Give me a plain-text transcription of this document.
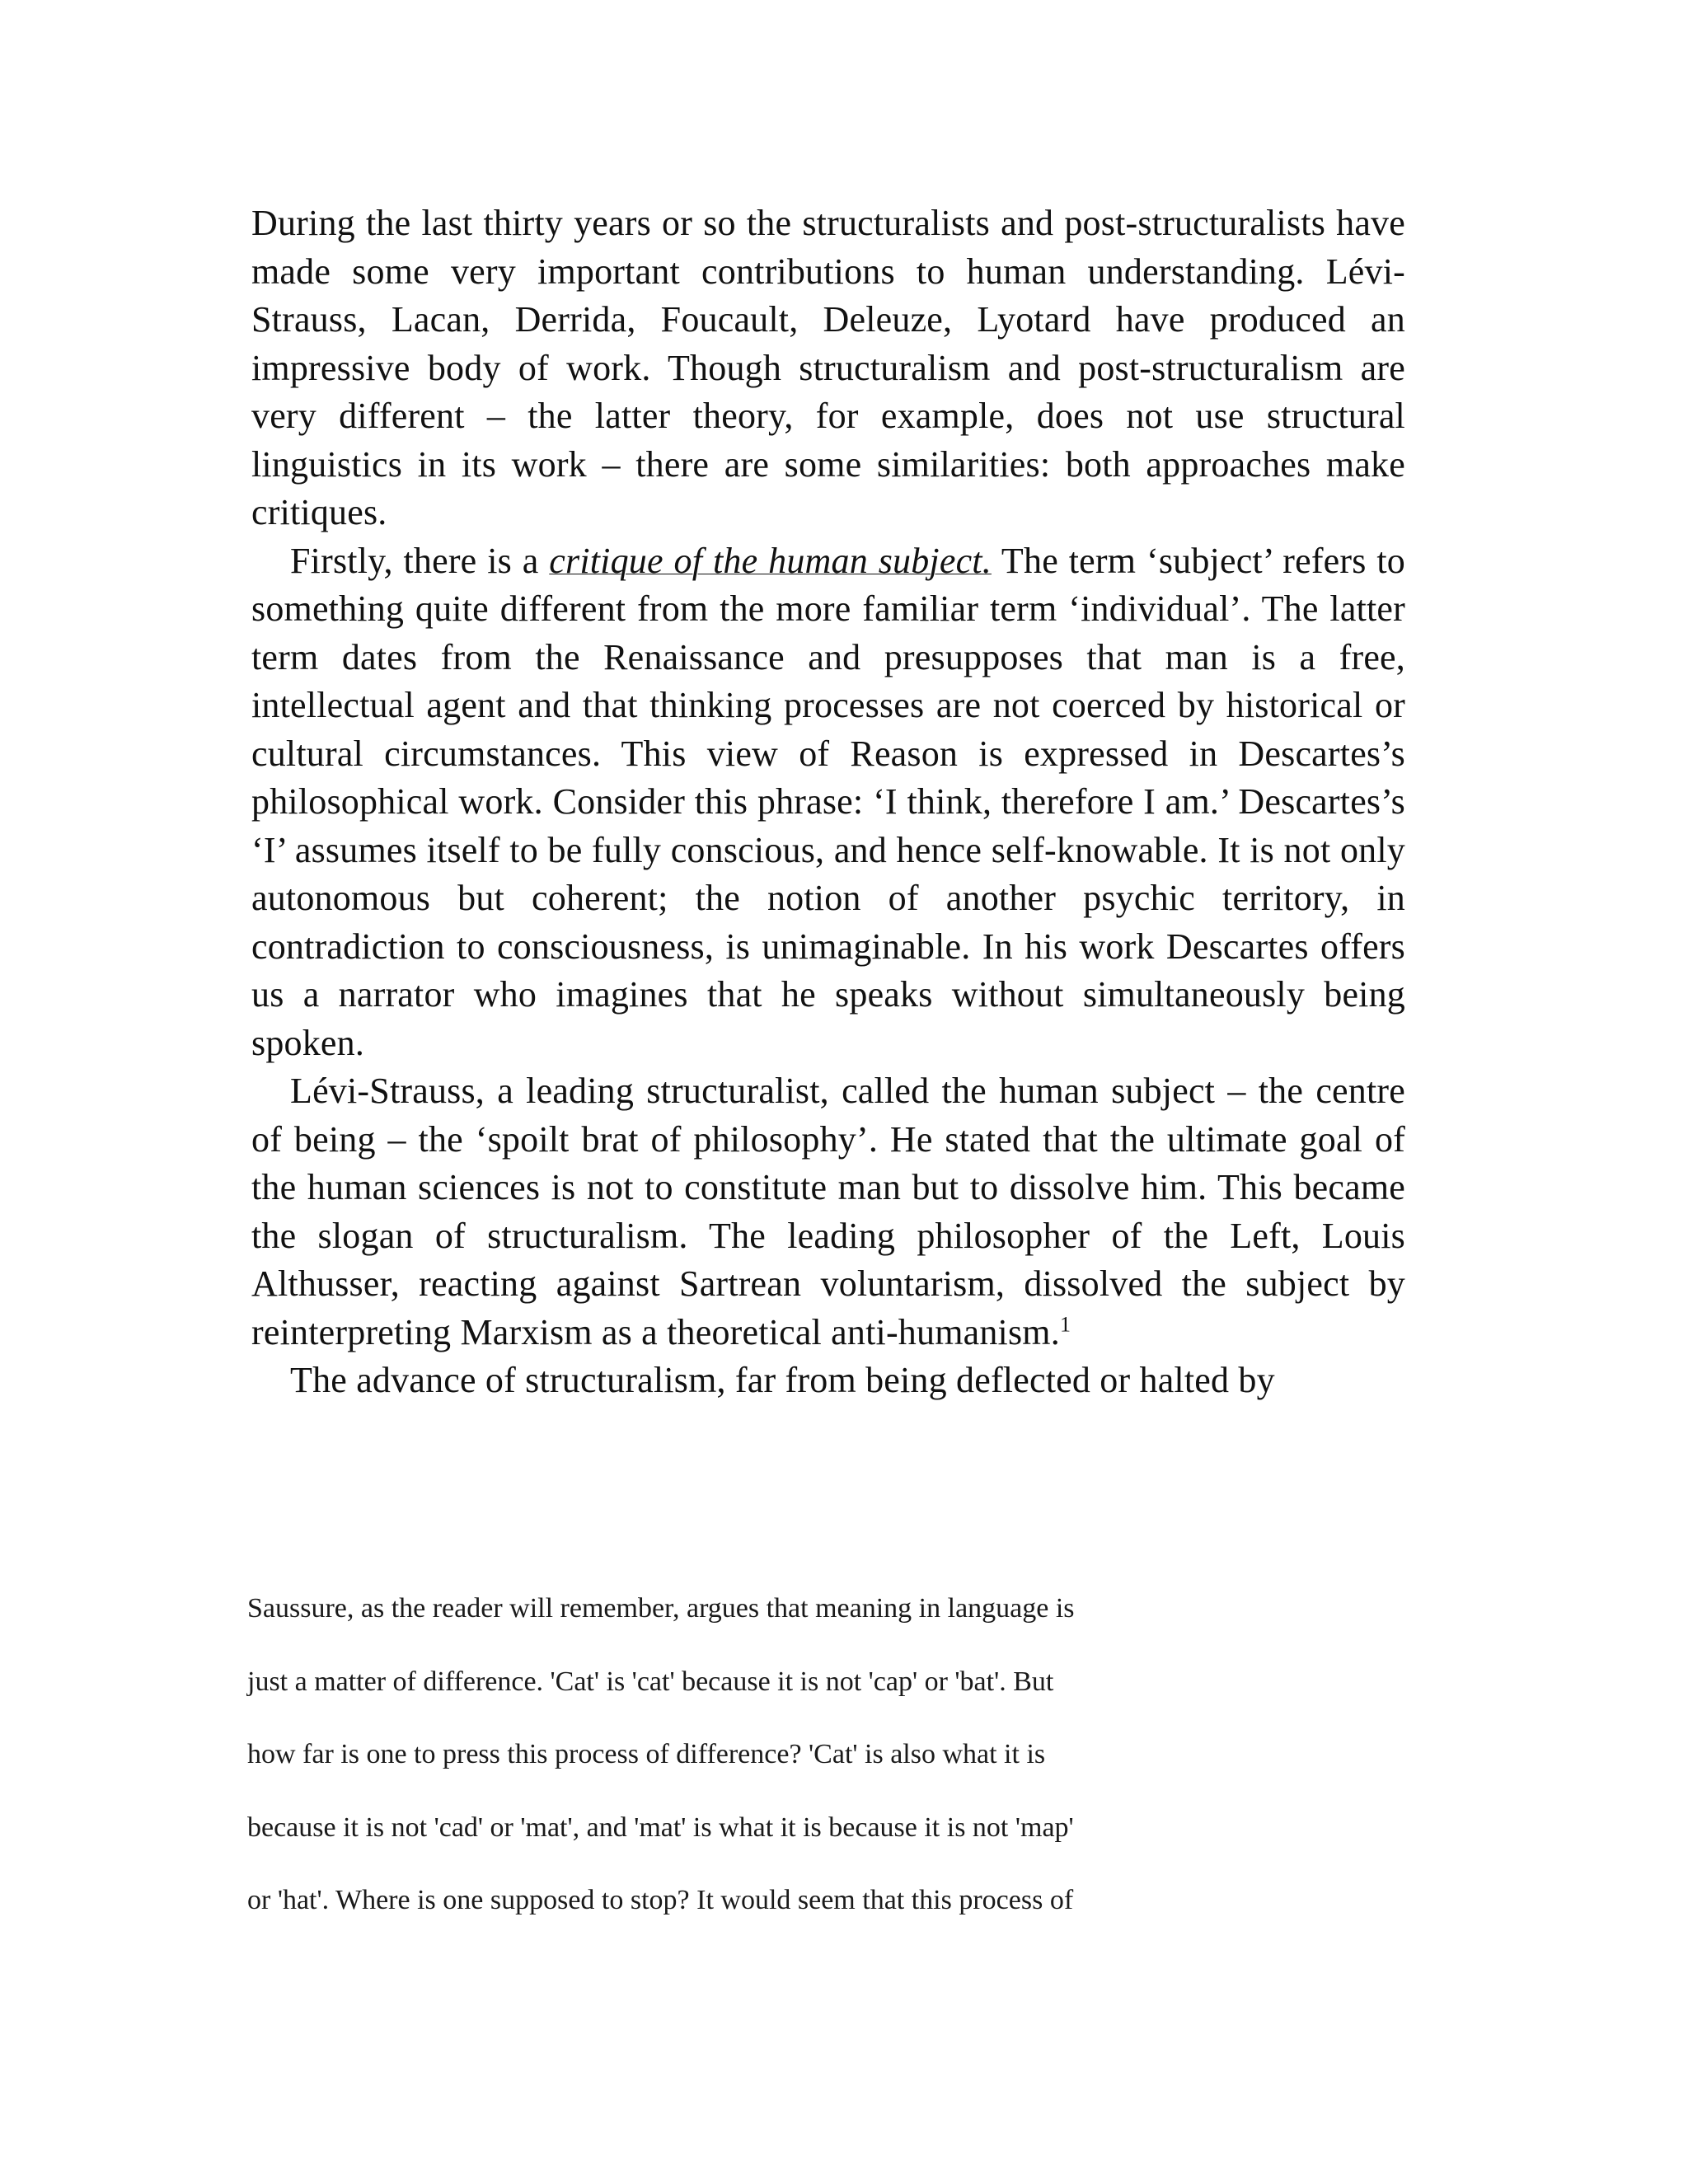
During the last thirty years or so the structuralists and post-structuralists have made some very important contributions to human understanding. Lévi-Strauss, Lacan, Derrida, Foucault, Deleuze, Lyotard have produced an impressive body of work. Though structuralism and post-structuralism are very different – the latter theory, for example, does not use structural linguistics in its work – there are some similarities: both approaches make critiques.

Firstly, there is a critique of the human subject. The term ‘subject’ refers to something quite different from the more familiar term ‘individual’. The latter term dates from the Renaissance and presupposes that man is a free, intellectual agent and that thinking processes are not coerced by historical or cultural circumstances. This view of Reason is expressed in Descartes’s philosophical work. Consider this phrase: ‘I think, therefore I am.’ Descartes’s ‘I’ assumes itself to be fully conscious, and hence self-knowable. It is not only autonomous but coherent; the notion of another psychic territory, in contradiction to consciousness, is unimaginable. In his work Descartes offers us a narrator who imagines that he speaks without simultaneously being spoken.

Lévi-Strauss, a leading structuralist, called the human subject – the centre of being – the ‘spoilt brat of philosophy’. He stated that the ultimate goal of the human sciences is not to constitute man but to dissolve him. This became the slogan of structuralism. The leading philosopher of the Left, Louis Althusser, reacting against Sartrean voluntarism, dissolved the subject by reinterpreting Marxism as a theoretical anti-humanism.$^1$

The advance of structuralism, far from being deflected or halted by

Saussure, as the reader will remember, argues that meaning in language is

just a matter of difference. 'Cat' is 'cat' because it is not 'cap' or 'bat'. But

how far is one to press this process of difference? 'Cat' is also what it is

because it is not 'cad' or 'mat', and 'mat' is what it is because it is not 'map'

or 'hat'. Where is one supposed to stop? It would seem that this process of
